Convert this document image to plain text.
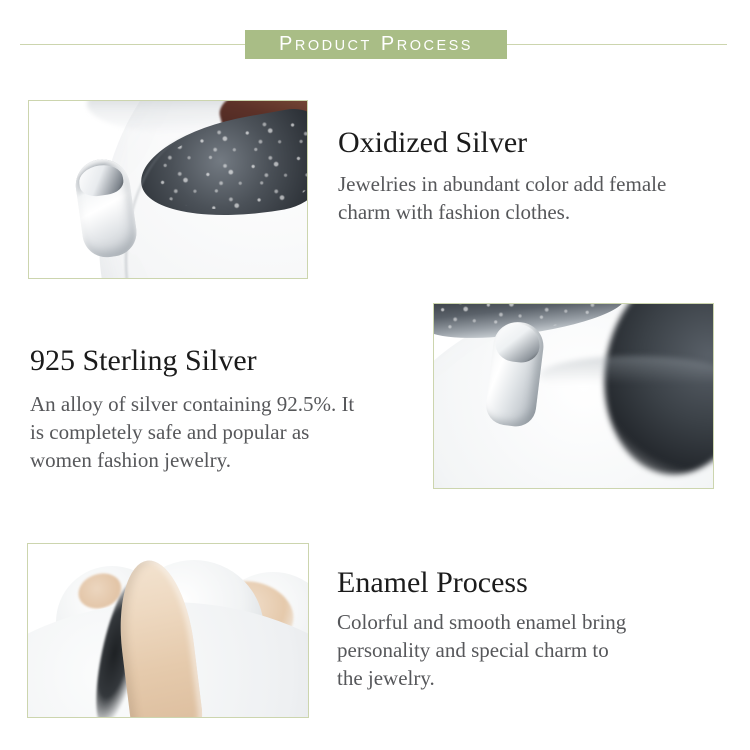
PRODUCT PROCESS
Oxidized Silver
Jewelries in abundant color add female
charm with fashion clothes.
925 Sterling Silver
An alloy of silver containing 92.5%. It
is completely safe and popular as
women fashion jewelry.
Enamel Process
Colorful and smooth enamel bring
personality and special charm to
the jewelry.
